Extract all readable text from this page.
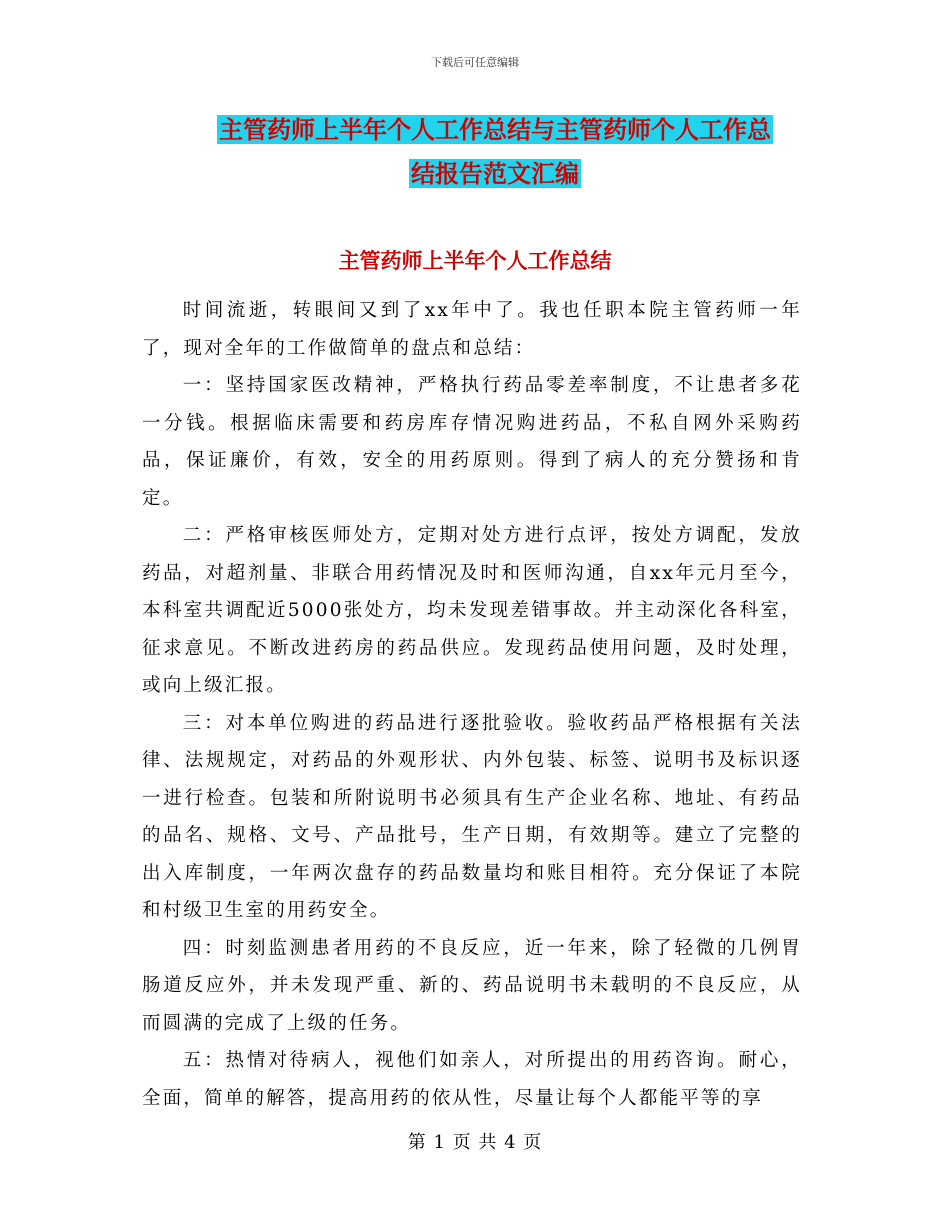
下载后可任意编辑
主管药师上半年个人工作总结与主管药师个人工作总
结报告范文汇编
主管药师上半年个人工作总结

时间流逝，转眼间又到了xx年中了。我也任职本院主管药师一年了，现对全年的工作做简单的盘点和总结：

一：坚持国家医改精神，严格执行药品零差率制度，不让患者多花一分钱。根据临床需要和药房库存情况购进药品，不私自网外采购药品，保证廉价，有效，安全的用药原则。得到了病人的充分赞扬和肯定。

二：严格审核医师处方，定期对处方进行点评，按处方调配，发放药品，对超剂量、非联合用药情况及时和医师沟通，自xx年元月至今，本科室共调配近5000张处方，均未发现差错事故。并主动深化各科室，征求意见。不断改进药房的药品供应。发现药品使用问题，及时处理，或向上级汇报。

三：对本单位购进的药品进行逐批验收。验收药品严格根据有关法律、法规规定，对药品的外观形状、内外包装、标签、说明书及标识逐一进行检查。包装和所附说明书必须具有生产企业名称、地址、有药品的品名、规格、文号、产品批号，生产日期，有效期等。建立了完整的出入库制度，一年两次盘存的药品数量均和账目相符。充分保证了本院和村级卫生室的用药安全。

四：时刻监测患者用药的不良反应，近一年来，除了轻微的几例胃肠道反应外，并未发现严重、新的、药品说明书未载明的不良反应，从而圆满的完成了上级的任务。

五：热情对待病人，视他们如亲人，对所提出的用药咨询。耐心，全面，简单的解答，提高用药的依从性，尽量让每个人都能平等的享

第 1 页 共 4 页
